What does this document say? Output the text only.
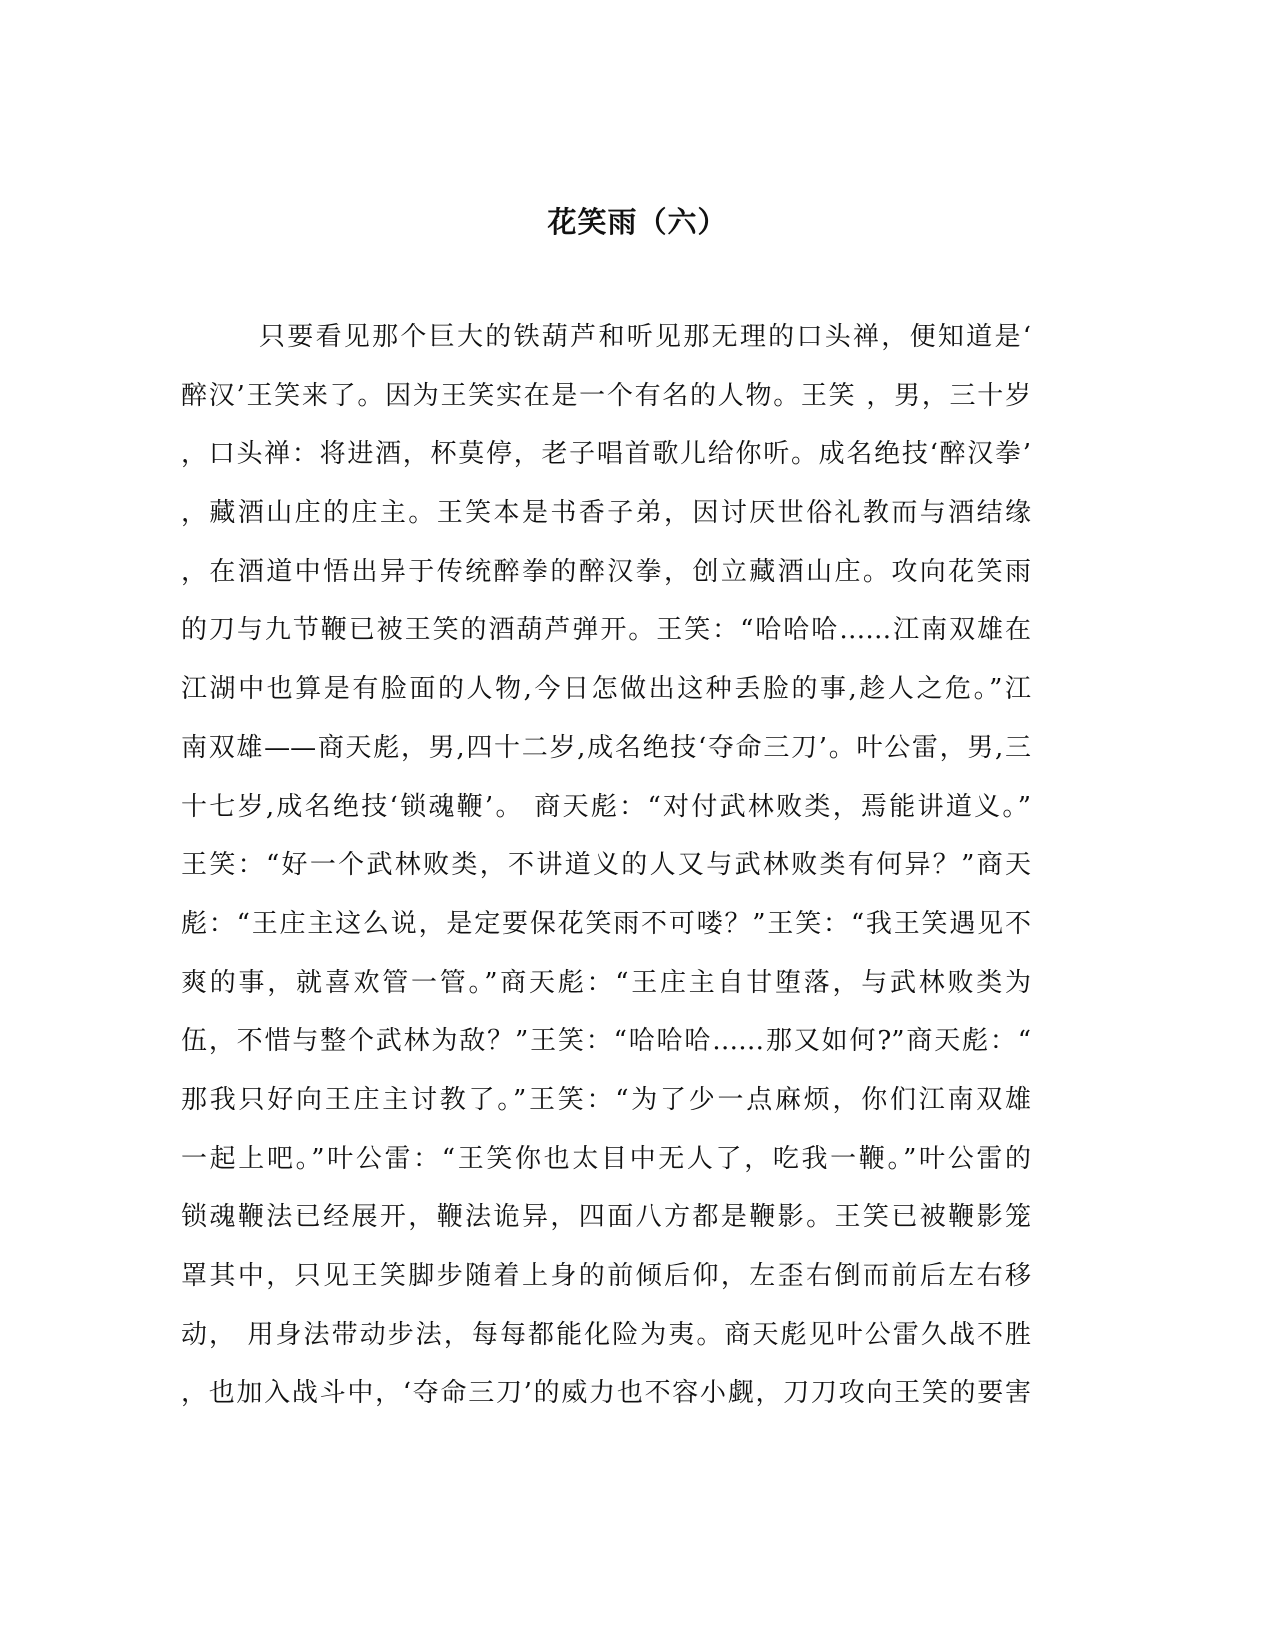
花笑雨（六）
只要看见那个巨大的铁葫芦和听见那无理的口头禅，便知道是‘
醉汉’王笑来了。因为王笑实在是一个有名的人物。王笑 ，男，三十岁
，口头禅：将进酒，杯莫停，老子唱首歌儿给你听。成名绝技‘醉汉拳’
，藏酒山庄的庄主。王笑本是书香子弟，因讨厌世俗礼教而与酒结缘
，在酒道中悟出异于传统醉拳的醉汉拳，创立藏酒山庄。攻向花笑雨
的刀与九节鞭已被王笑的酒葫芦弹开。王笑：“哈哈哈……江南双雄在
江湖中也算是有脸面的人物,今日怎做出这种丢脸的事,趁人之危。”江
南双雄——商天彪，男,四十二岁,成名绝技‘夺命三刀’。叶公雷，男,三
十七岁,成名绝技‘锁魂鞭’。 商天彪：“对付武林败类，焉能讲道义。”
王笑：“好一个武林败类，不讲道义的人又与武林败类有何异？”商天
彪：“王庄主这么说，是定要保花笑雨不可喽？”王笑：“我王笑遇见不
爽的事，就喜欢管一管。”商天彪：“王庄主自甘堕落，与武林败类为
伍，不惜与整个武林为敌？”王笑：“哈哈哈……那又如何?”商天彪：“
那我只好向王庄主讨教了。”王笑：“为了少一点麻烦，你们江南双雄
一起上吧。”叶公雷：“王笑你也太目中无人了，吃我一鞭。”叶公雷的
锁魂鞭法已经展开，鞭法诡异，四面八方都是鞭影。王笑已被鞭影笼
罩其中，只见王笑脚步随着上身的前倾后仰，左歪右倒而前后左右移
动， 用身法带动步法，每每都能化险为夷。商天彪见叶公雷久战不胜
，也加入战斗中，‘夺命三刀’的威力也不容小觑，刀刀攻向王笑的要害
